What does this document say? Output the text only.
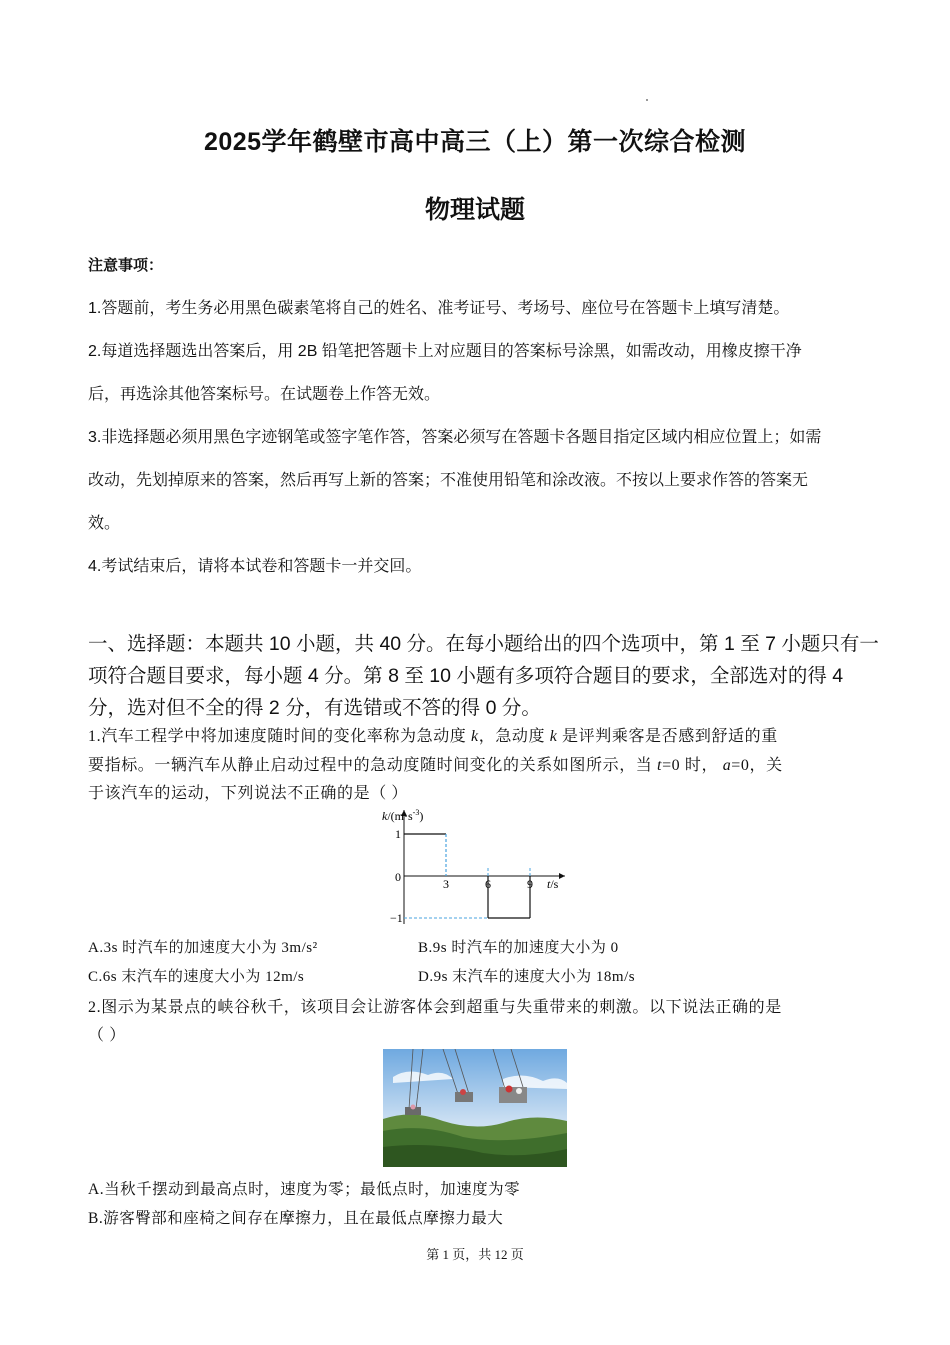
2025学年鹤壁市高中高三（上）第一次综合检测
物理试题
注意事项：
1.答题前，考生务必用黑色碳素笔将自己的姓名、准考证号、考场号、座位号在答题卡上填写清楚。
2.每道选择题选出答案后，用 2B 铅笔把答题卡上对应题目的答案标号涂黑，如需改动，用橡皮擦干净
后，再选涂其他答案标号。在试题卷上作答无效。
3.非选择题必须用黑色字迹钢笔或签字笔作答，答案必须写在答题卡各题目指定区域内相应位置上；如需
改动，先划掉原来的答案，然后再写上新的答案；不准使用铅笔和涂改液。不按以上要求作答的答案无
效。
4.考试结束后，请将本试卷和答题卡一并交回。
一、选择题：本题共 10 小题，共 40 分。在每小题给出的四个选项中，第 1 至 7 小题只有一
项符合题目要求，每小题 4 分。第 8 至 10 小题有多项符合题目的要求，全部选对的得 4
分，选对但不全的得 2 分，有选错或不答的得 0 分。
1.汽车工程学中将加速度随时间的变化率称为急动度 k，急动度 k 是评判乘客是否感到舒适的重
要指标。一辆汽车从静止启动过程中的急动度随时间变化的关系如图所示，当 t=0 时， a=0，关
于该汽车的运动，下列说法不正确的是（ ）
3	6	9
1
−1
$k/(m\cdot s^{-3})$
t/s
0
A.3s 时汽车的加速度大小为 3m/s²	B.9s 时汽车的加速度大小为 0
C.6s 末汽车的速度大小为 12m/s	D.9s 末汽车的速度大小为 18m/s
2.图示为某景点的峡谷秋千，该项目会让游客体会到超重与失重带来的刺激。以下说法正确的是
（ ）
A.当秋千摆动到最高点时，速度为零；最低点时，加速度为零
B.游客臀部和座椅之间存在摩擦力，且在最低点摩擦力最大
第 1 页，共 12 页
